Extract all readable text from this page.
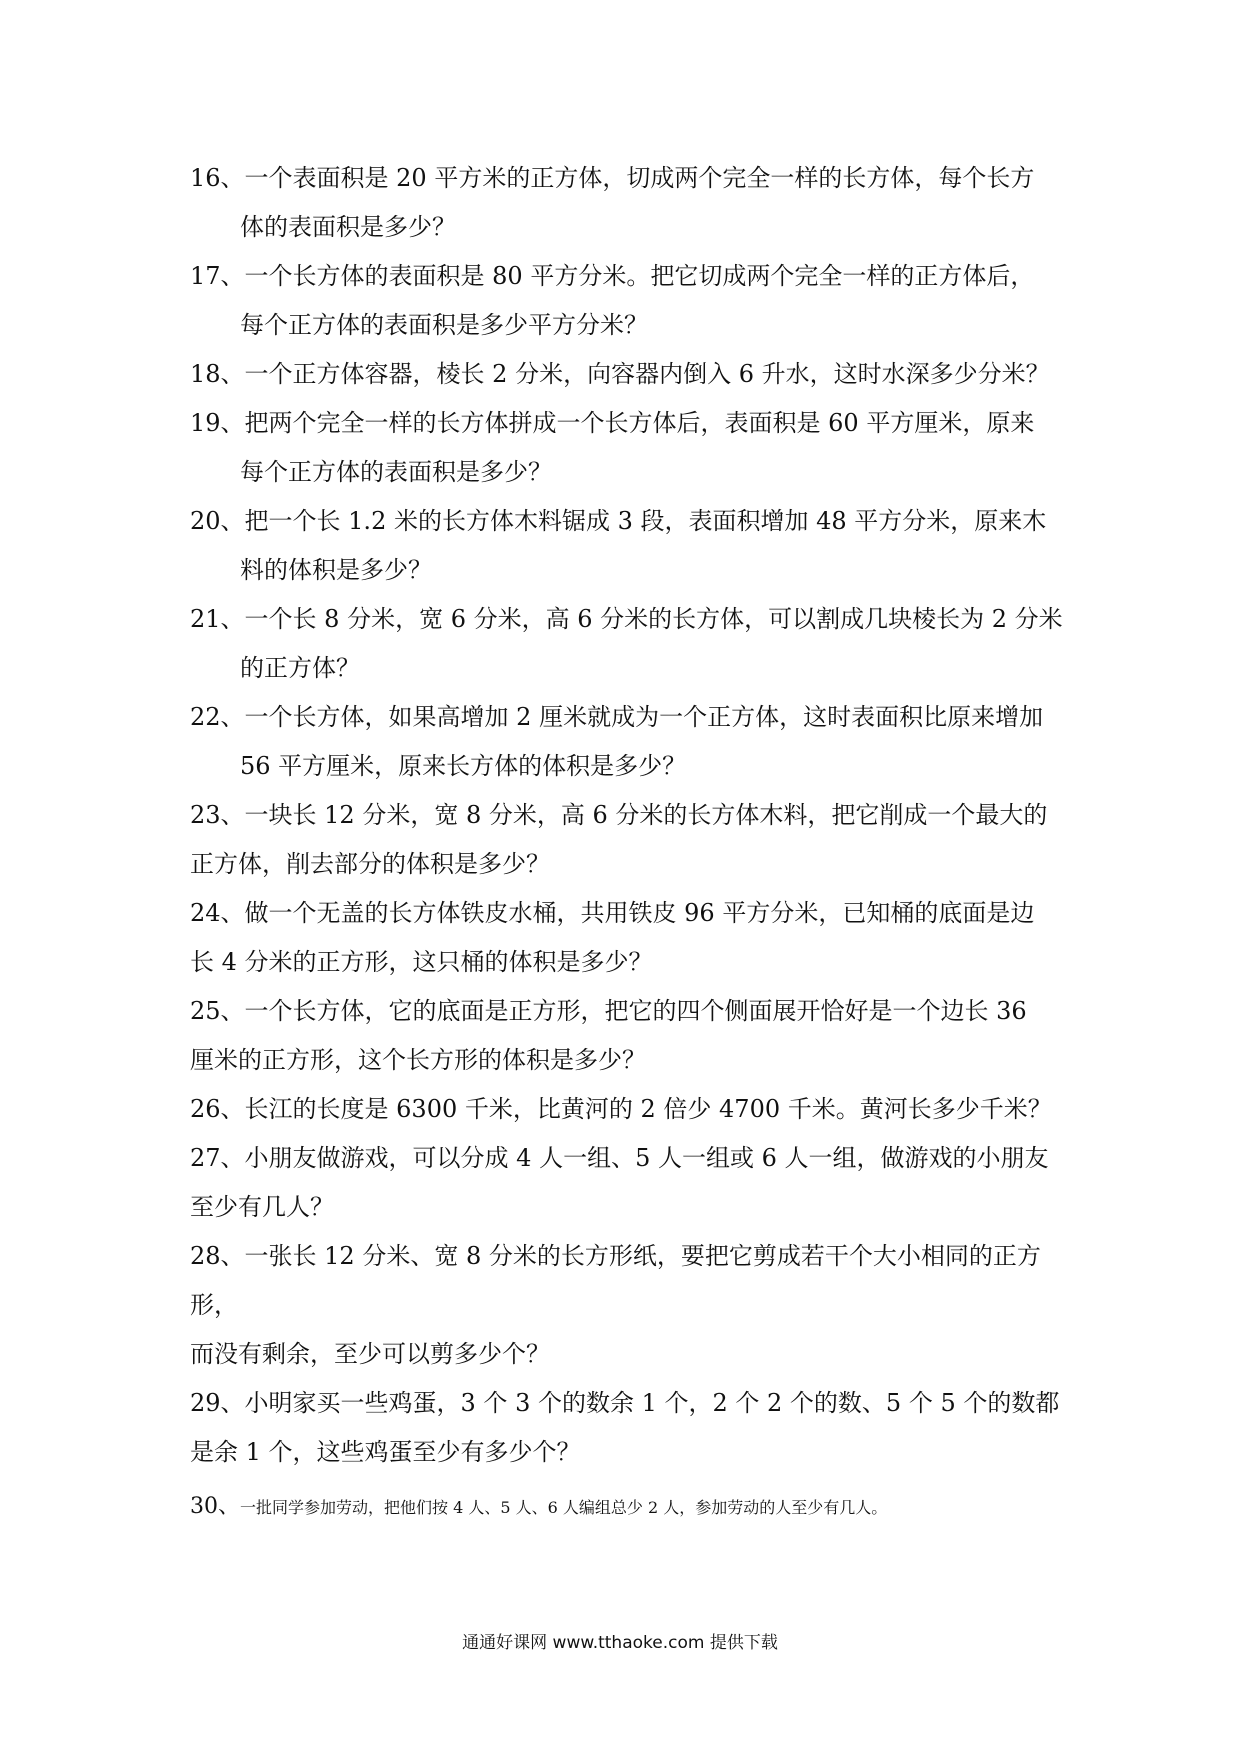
16、一个表面积是 20 平方米的正方体，切成两个完全一样的长方体，每个长方
体的表面积是多少？
17、一个长方体的表面积是 80 平方分米。把它切成两个完全一样的正方体后，
每个正方体的表面积是多少平方分米？
18、一个正方体容器，棱长 2 分米，向容器内倒入 6 升水，这时水深多少分米？
19、把两个完全一样的长方体拼成一个长方体后，表面积是 60 平方厘米，原来
每个正方体的表面积是多少？
20、把一个长 1.2 米的长方体木料锯成 3 段，表面积增加 48 平方分米，原来木
料的体积是多少？
21、一个长 8 分米，宽 6 分米，高 6 分米的长方体，可以割成几块棱长为 2 分米
的正方体？
22、一个长方体，如果高增加 2 厘米就成为一个正方体，这时表面积比原来增加
56 平方厘米，原来长方体的体积是多少？
23、一块长 12 分米，宽 8 分米，高 6 分米的长方体木料，把它削成一个最大的
正方体，削去部分的体积是多少？
24、做一个无盖的长方体铁皮水桶，共用铁皮 96 平方分米，已知桶的底面是边
长 4 分米的正方形，这只桶的体积是多少？
25、一个长方体，它的底面是正方形，把它的四个侧面展开恰好是一个边长 36
厘米的正方形，这个长方形的体积是多少？
26、长江的长度是 6300 千米，比黄河的 2 倍少 4700 千米。黄河长多少千米？
27、小朋友做游戏，可以分成 4 人一组、5 人一组或 6 人一组，做游戏的小朋友
至少有几人？
28、一张长 12 分米、宽 8 分米的长方形纸，要把它剪成若干个大小相同的正方
形，
而没有剩余，至少可以剪多少个？
29、小明家买一些鸡蛋，3 个 3 个的数余 1 个，2 个 2 个的数、5 个 5 个的数都
是余 1 个，这些鸡蛋至少有多少个？
30、一批同学参加劳动，把他们按 4 人、5 人、6 人编组总少 2 人，参加劳动的人至少有几人。
通通好课网 www.tthaoke.com 提供下载
